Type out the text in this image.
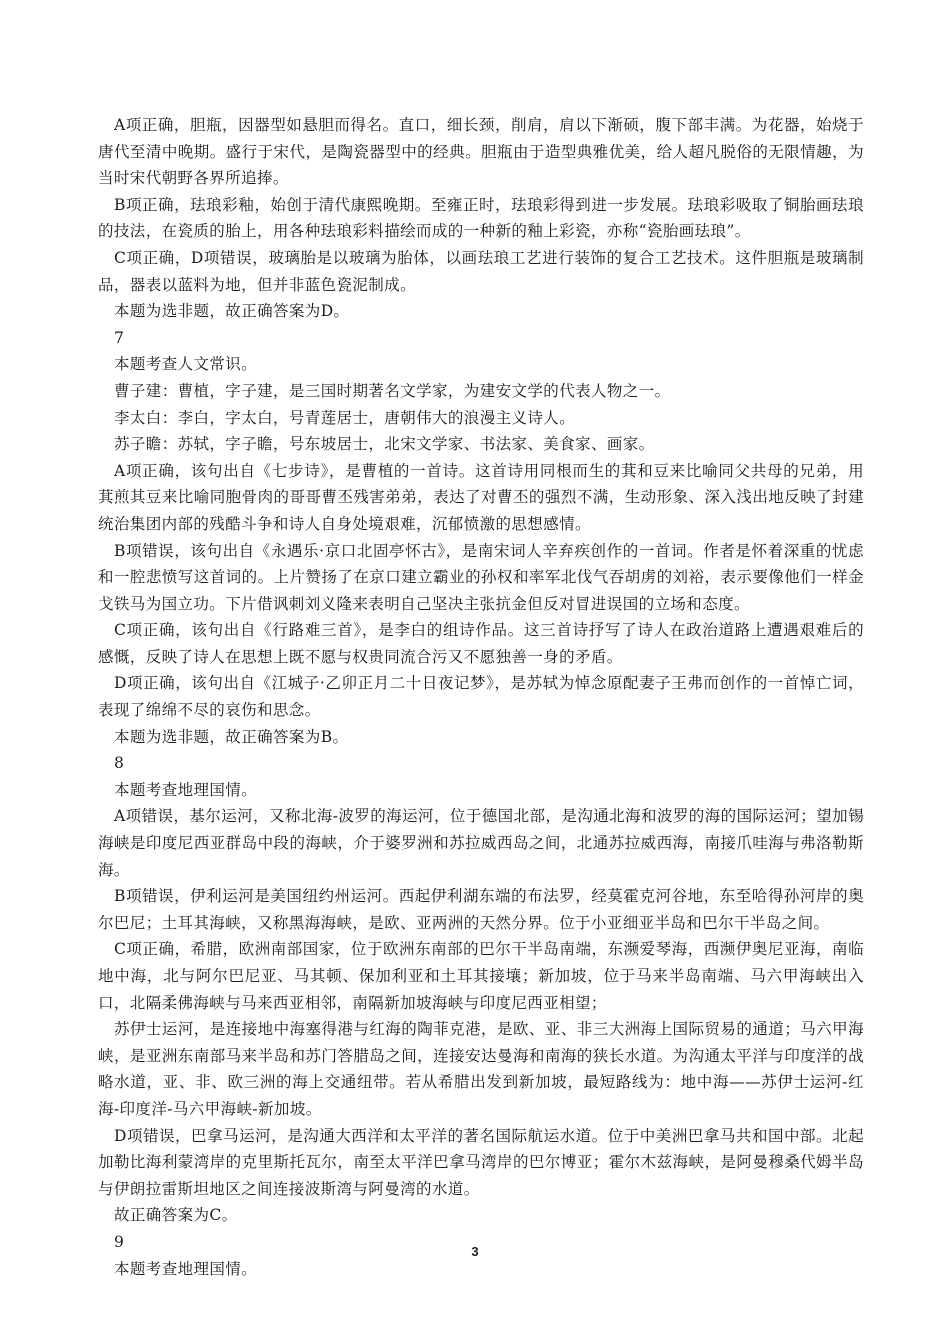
A项正确，胆瓶，因器型如悬胆而得名。直口，细长颈，削肩，肩以下渐硕，腹下部丰满。为花器，始烧于唐代至清中晚期。盛行于宋代，是陶瓷器型中的经典。胆瓶由于造型典雅优美，给人超凡脱俗的无限情趣，为当时宋代朝野各界所追捧。

B项正确，珐琅彩釉，始创于清代康熙晚期。至雍正时，珐琅彩得到进一步发展。珐琅彩吸取了铜胎画珐琅的技法，在瓷质的胎上，用各种珐琅彩料描绘而成的一种新的釉上彩瓷，亦称“瓷胎画珐琅”。

C项正确，D项错误，玻璃胎是以玻璃为胎体，以画珐琅工艺进行装饰的复合工艺技术。这件胆瓶是玻璃制品，器表以蓝料为地，但并非蓝色瓷泥制成。

本题为选非题，故正确答案为D。

7

本题考查人文常识。

曹子建：曹植，字子建，是三国时期著名文学家，为建安文学的代表人物之一。

李太白：李白，字太白，号青莲居士，唐朝伟大的浪漫主义诗人。

苏子瞻：苏轼，字子瞻，号东坡居士，北宋文学家、书法家、美食家、画家。

A项正确，该句出自《七步诗》，是曹植的一首诗。这首诗用同根而生的萁和豆来比喻同父共母的兄弟，用萁煎其豆来比喻同胞骨肉的哥哥曹丕残害弟弟，表达了对曹丕的强烈不满，生动形象、深入浅出地反映了封建统治集团内部的残酷斗争和诗人自身处境艰难，沉郁愤激的思想感情。

B项错误，该句出自《永遇乐·京口北固亭怀古》，是南宋词人辛弃疾创作的一首词。作者是怀着深重的忧虑和一腔悲愤写这首词的。上片赞扬了在京口建立霸业的孙权和率军北伐气吞胡虏的刘裕，表示要像他们一样金戈铁马为国立功。下片借讽刺刘义隆来表明自己坚决主张抗金但反对冒进误国的立场和态度。

C项正确，该句出自《行路难三首》，是李白的组诗作品。这三首诗抒写了诗人在政治道路上遭遇艰难后的感慨，反映了诗人在思想上既不愿与权贵同流合污又不愿独善一身的矛盾。

D项正确，该句出自《江城子·乙卯正月二十日夜记梦》，是苏轼为悼念原配妻子王弗而创作的一首悼亡词，表现了绵绵不尽的哀伤和思念。

本题为选非题，故正确答案为B。

8

本题考查地理国情。

A项错误，基尔运河，又称北海-波罗的海运河，位于德国北部，是沟通北海和波罗的海的国际运河；望加锡海峡是印度尼西亚群岛中段的海峡，介于婆罗洲和苏拉威西岛之间，北通苏拉威西海，南接爪哇海与弗洛勒斯海。

B项错误，伊利运河是美国纽约州运河。西起伊利湖东端的布法罗，经莫霍克河谷地，东至哈得孙河岸的奥尔巴尼；土耳其海峡，又称黑海海峡，是欧、亚两洲的天然分界。位于小亚细亚半岛和巴尔干半岛之间。

C项正确，希腊，欧洲南部国家，位于欧洲东南部的巴尔干半岛南端，东濒爱琴海，西濒伊奥尼亚海，南临地中海，北与阿尔巴尼亚、马其顿、保加利亚和土耳其接壤；新加坡，位于马来半岛南端、马六甲海峡出入口，北隔柔佛海峡与马来西亚相邻，南隔新加坡海峡与印度尼西亚相望；

苏伊士运河，是连接地中海塞得港与红海的陶菲克港，是欧、亚、非三大洲海上国际贸易的通道；马六甲海峡，是亚洲东南部马来半岛和苏门答腊岛之间，连接安达曼海和南海的狭长水道。为沟通太平洋与印度洋的战略水道，亚、非、欧三洲的海上交通纽带。若从希腊出发到新加坡，最短路线为：地中海——苏伊士运河-红海-印度洋-马六甲海峡-新加坡。

D项错误，巴拿马运河，是沟通大西洋和太平洋的著名国际航运水道。位于中美洲巴拿马共和国中部。北起加勒比海利蒙湾岸的克里斯托瓦尔，南至太平洋巴拿马湾岸的巴尔博亚；霍尔木兹海峡，是阿曼穆桑代姆半岛与伊朗拉雷斯坦地区之间连接波斯湾与阿曼湾的水道。

故正确答案为C。

9

本题考查地理国情。

3
